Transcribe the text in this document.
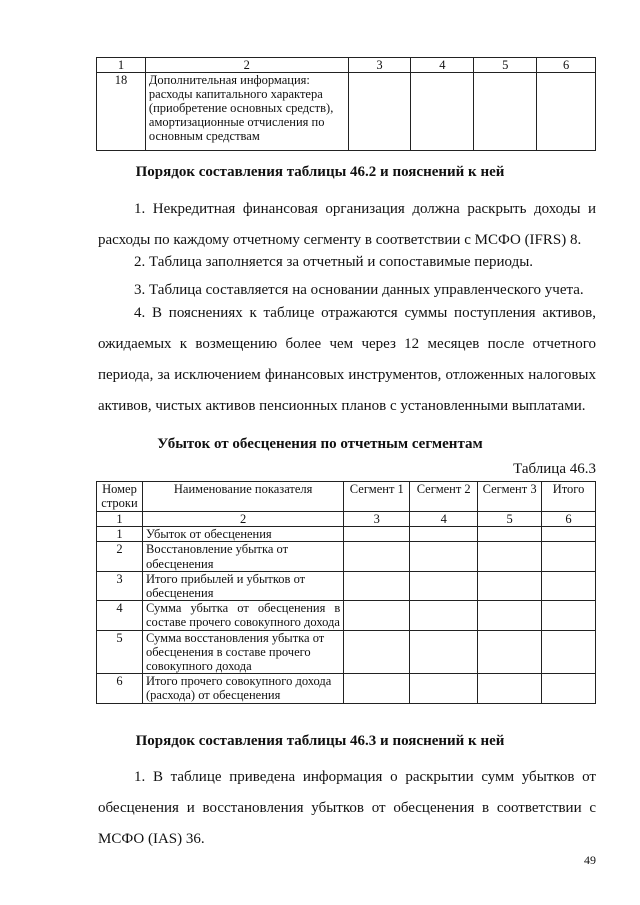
1	2	3	4	5	6
18	Дополнительная информация:
расходы капитального характера
(приобретение основных средств),
амортизационные отчисления по
основным средствам				

Порядок составления таблицы 46.2 и пояснений к ней

1. Некредитная финансовая организация должна раскрыть доходы и
расходы по каждому отчетному сегменту в соответствии с МСФО (IFRS) 8.

2. Таблица заполняется за отчетный и сопоставимые периоды.
3. Таблица составляется на основании данных управленческого учета.

4. В пояснениях к таблице отражаются суммы поступления активов,
ожидаемых к возмещению более чем через 12 месяцев после отчетного
периода, за исключением финансовых инструментов, отложенных налоговых
активов, чистых активов пенсионных планов с установленными выплатами.

Убыток от обесценения по отчетным сегментам
Таблица 46.3
Номер
строки	Наименование показателя	Сегмент 1	Сегмент 2	Сегмент 3	Итого
1	2	3	4	5	6
1	Убыток от обесценения				

2	Восстановление убытка от
обесценения				

3	Итого прибылей и убытков от
обесценения				

4	Сумма убытка от обесценения в
составе прочего совокупного дохода				

5	Сумма восстановления убытка от
обесценения в составе прочего
совокупного дохода				

6	Итого прочего совокупного дохода
(расхода) от обесценения				

Порядок составления таблицы 46.3 и пояснений к ней

1. В таблице приведена информация о раскрытии сумм убытков от
обесценения и восстановления убытков от обесценения в соответствии с
МСФО (IAS) 36.

49
